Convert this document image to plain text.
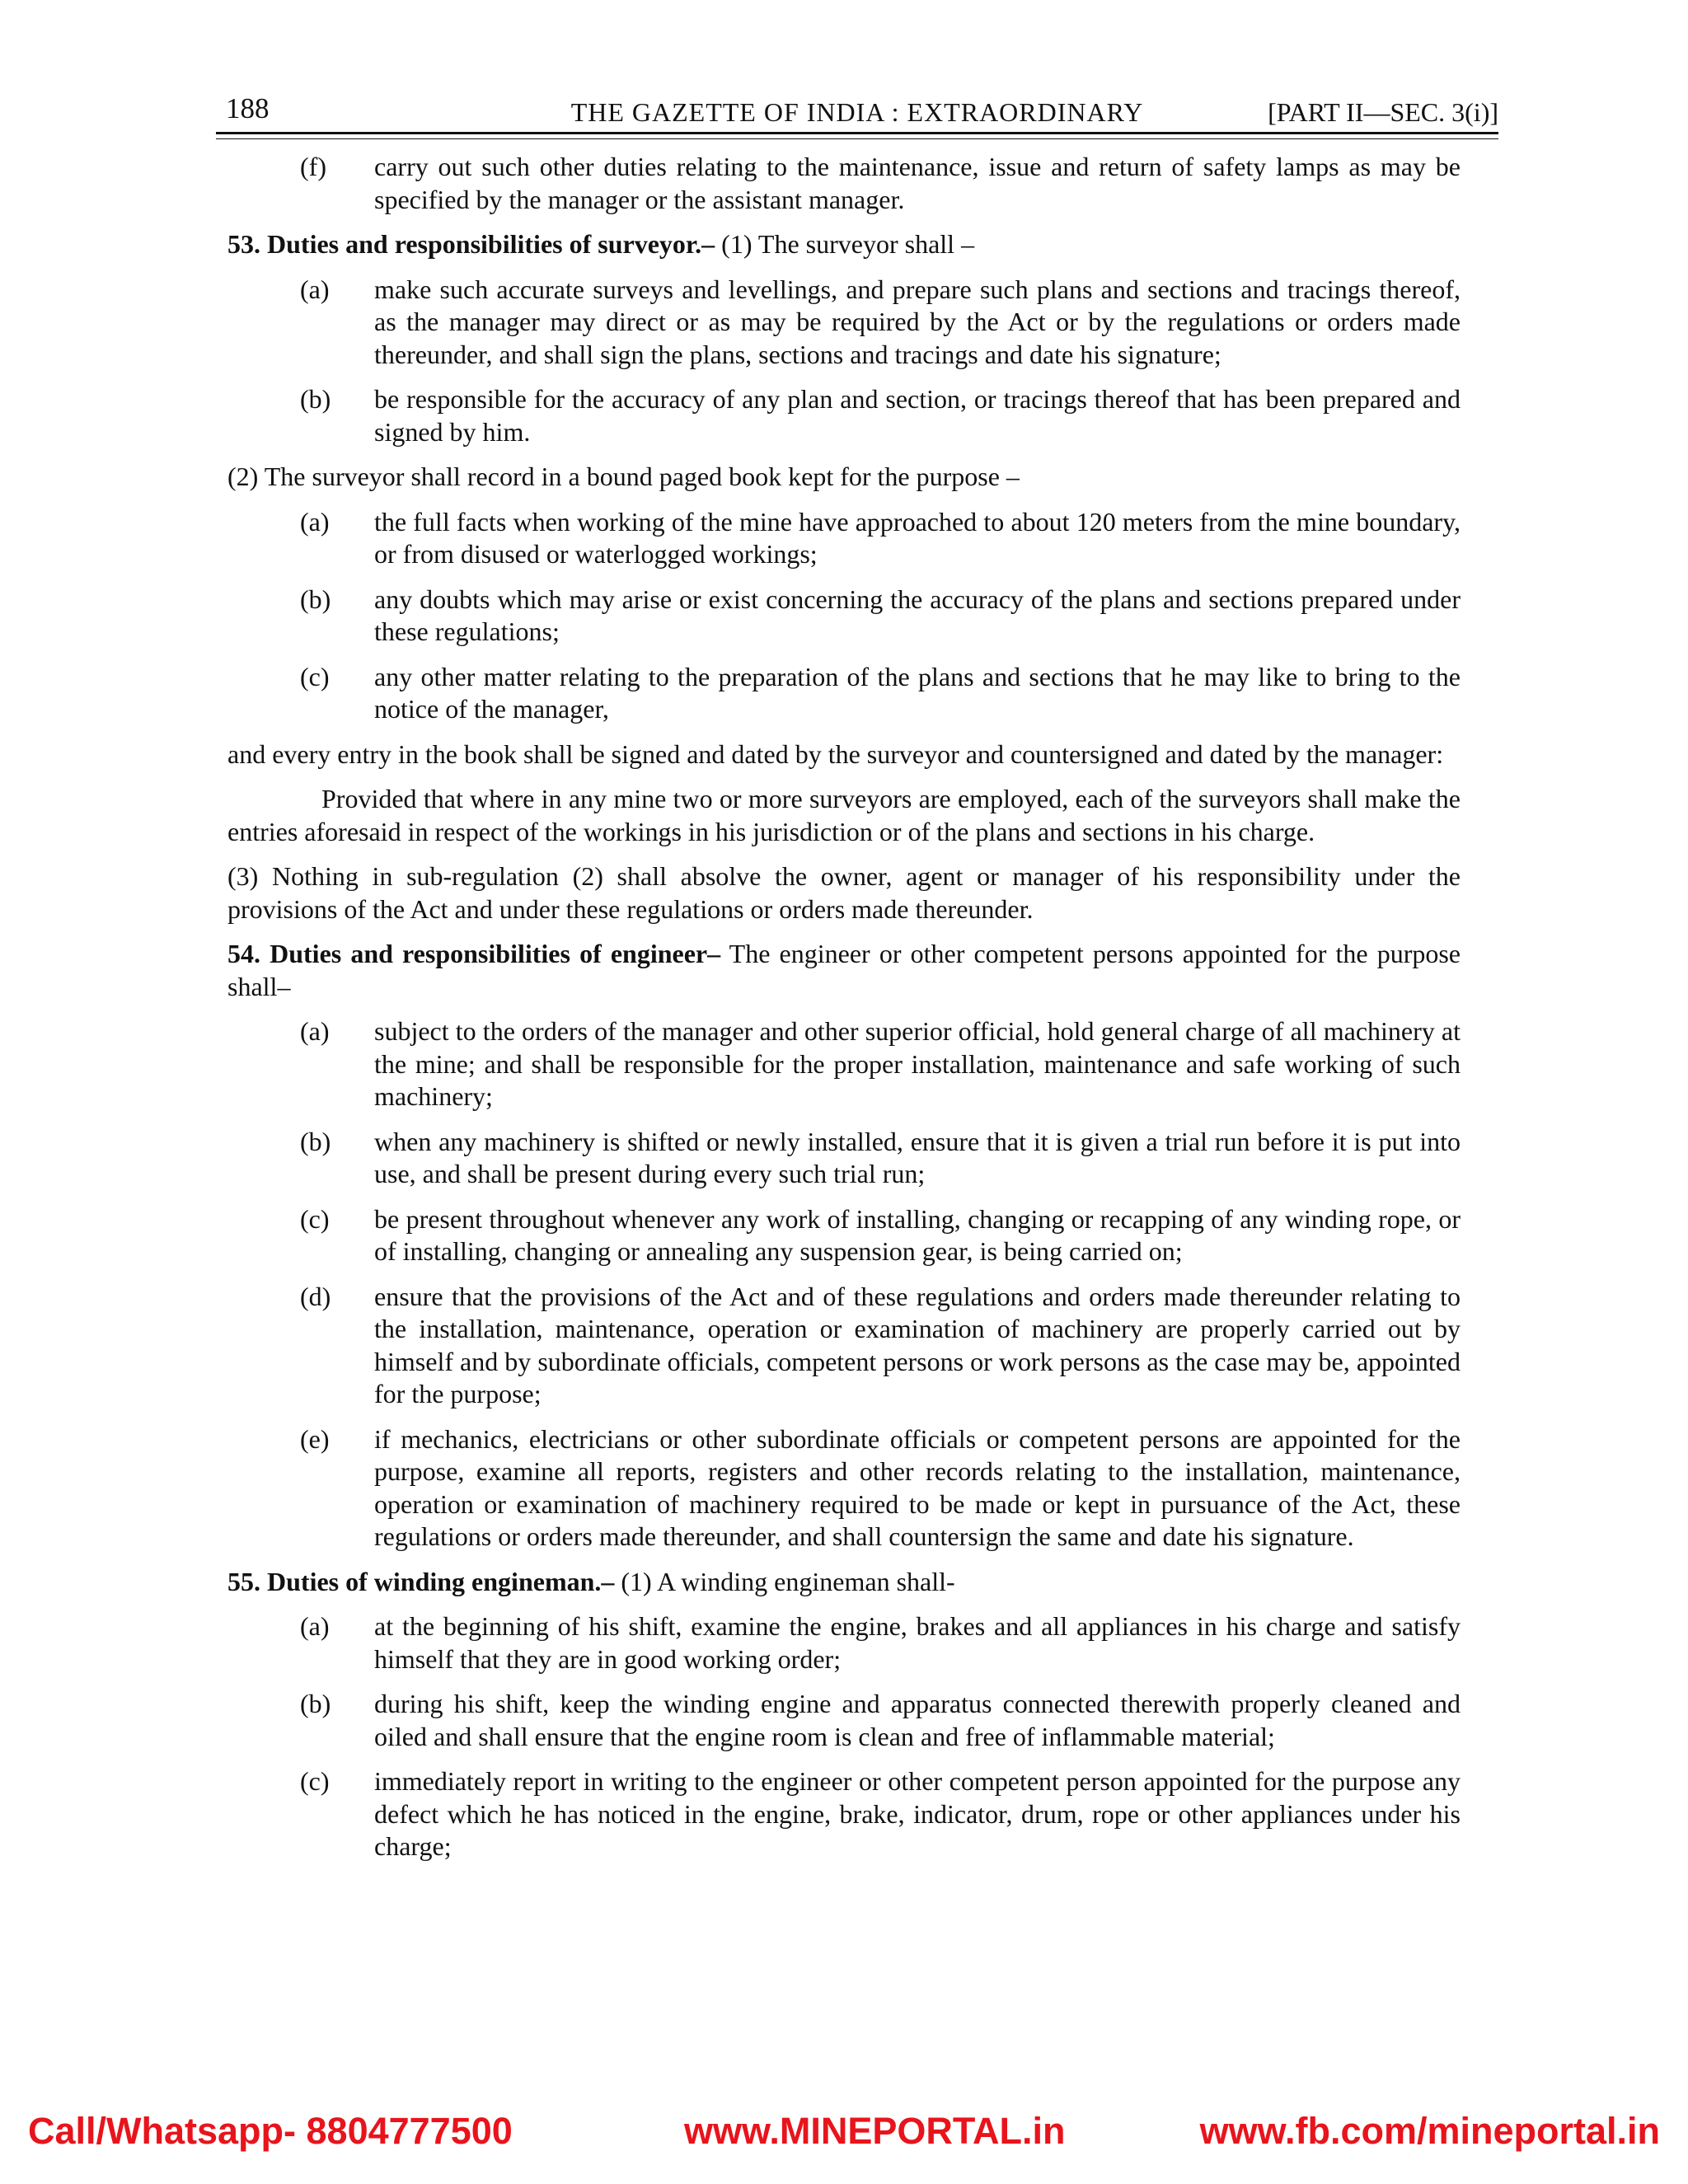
188	THE GAZETTE OF INDIA : EXTRAORDINARY	[PART II—SEC. 3(i)]
(f)	carry out such other duties relating to the maintenance, issue and return of safety lamps as may be specified by the manager or the assistant manager.
53. Duties and responsibilities of surveyor.– (1) The surveyor shall –
(a)	make such accurate surveys and levellings, and prepare such plans and sections and tracings thereof, as the manager may direct or as may be required by the Act or by the regulations or orders made thereunder, and shall sign the plans, sections and tracings and date his signature;
(b)	be responsible for the accuracy of any plan and section, or tracings thereof that has been prepared and signed by him.
(2) The surveyor shall record in a bound paged book kept for the purpose –
(a)	the full facts when working of the mine have approached to about 120 meters from the mine boundary, or from disused or waterlogged workings;
(b)	any doubts which may arise or exist concerning the accuracy of the plans and sections prepared under these regulations;
(c)	any other matter relating to the preparation of the plans and sections that he may like to bring to the notice of the manager,
and every entry in the book shall be signed and dated by the surveyor and countersigned and dated by the manager:
Provided that where in any mine two or more surveyors are employed, each of the surveyors shall make the entries aforesaid in respect of the workings in his jurisdiction or of the plans and sections in his charge.
(3) Nothing in sub-regulation (2) shall absolve the owner, agent or manager of his responsibility under the provisions of the Act and under these regulations or orders made thereunder.
54. Duties and responsibilities of engineer– The engineer or other competent persons appointed for the purpose shall–
(a)	subject to the orders of the manager and other superior official, hold general charge of all machinery at the mine; and shall be responsible for the proper installation, maintenance and safe working of such machinery;
(b)	when any machinery is shifted or newly installed, ensure that it is given a trial run before it is put into use, and shall be present during every such trial run;
(c)	be present throughout whenever any work of installing, changing or recapping of any winding rope, or of installing, changing or annealing any suspension gear, is being carried on;
(d)	ensure that the provisions of the Act and of these regulations and orders made thereunder relating to the installation, maintenance, operation or examination of machinery are properly carried out by himself and by subordinate officials, competent persons or work persons as the case may be, appointed for the purpose;
(e)	if mechanics, electricians or other subordinate officials or competent persons are appointed for the purpose, examine all reports, registers and other records relating to the installation, maintenance, operation or examination of machinery required to be made or kept in pursuance of the Act, these regulations or orders made thereunder, and shall countersign the same and date his signature.
55. Duties of winding engineman.– (1) A winding engineman shall-
(a)	at the beginning of his shift, examine the engine, brakes and all appliances in his charge and satisfy himself that they are in good working order;
(b)	during his shift, keep the winding engine and apparatus connected therewith properly cleaned and oiled and shall ensure that the engine room is clean and free of inflammable material;
(c)	immediately report in writing to the engineer or other competent person appointed for the purpose any defect which he has noticed in the engine, brake, indicator, drum, rope or other appliances under his charge;
Call/Whatsapp- 8804777500	www.MINEPORTAL.in	www.fb.com/mineportal.in
